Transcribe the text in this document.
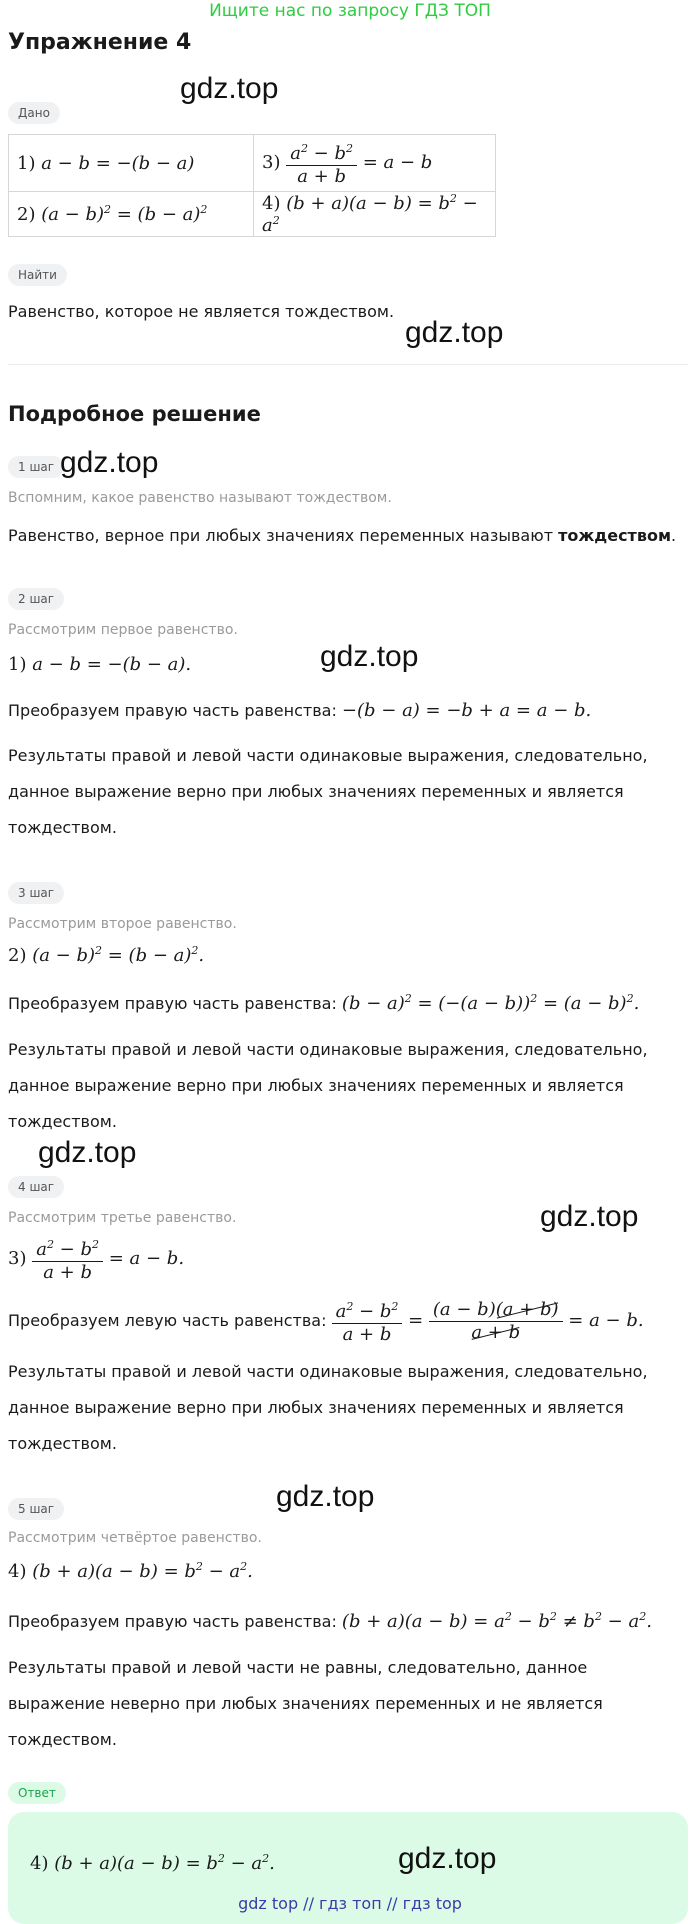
Ищите нас по запросу ГДЗ ТОП
Упражнение 4
gdz.top
Дано
1) a − b = −(b − a)	$3) \frac{a^2 - b^2}{a + b} = a - b$
2) $(a - b)^2 = (b - a)^2$	4) $(b + a)(a - b) = b^2 - a^2$
Найти
Равенство, которое не является тождеством.
gdz.top
Подробное решение
1 шаг gdz.top
Вспомним, какое равенство называют тождеством.
Равенство, верное при любых значениях переменных называют тождеством.
2 шаг
Рассмотрим первое равенство.
1) a − b = −(b − a).	gdz.top
Преобразуем правую часть равенства: −(b − a) = −b + a = a − b.
Результаты правой и левой части одинаковые выражения, следовательно,
данное выражение верно при любых значениях переменных и является
тождеством.
3 шаг
Рассмотрим второе равенство.
2) $(a - b)^2 = (b - a)^2$.
Преобразуем правую часть равенства: $(b - a)^2 = (-(a - b))^2 = (a - b)^2$.
Результаты правой и левой части одинаковые выражения, следовательно,
данное выражение верно при любых значениях переменных и является
тождеством.
gdz.top
4 шаг
gdz.top
Рассмотрим третье равенство.
$3) \frac{a^2 - b^2}{a + b} = a - b$.
Преобразуем левую часть равенства: $\frac{a^2 - b^2}{a + b} = \frac{(a - b)(a + b)}{a + b} = a - b$.
Результаты правой и левой части одинаковые выражения, следовательно,
данное выражение верно при любых значениях переменных и является
тождеством.
gdz.top
5 шаг
Рассмотрим четвёртое равенство.
4) $(b + a)(a - b) = b^2 - a^2$.
Преобразуем правую часть равенства: $(b + a)(a - b) = a^2 - b^2 \ne b^2 - a^2$.
Результаты правой и левой части не равны, следовательно, данное
выражение неверно при любых значениях переменных и не является
тождеством.
Ответ
4) $(b + a)(a - b) = b^2 - a^2$.	gdz.top
gdz top // гдз топ // гдз top
